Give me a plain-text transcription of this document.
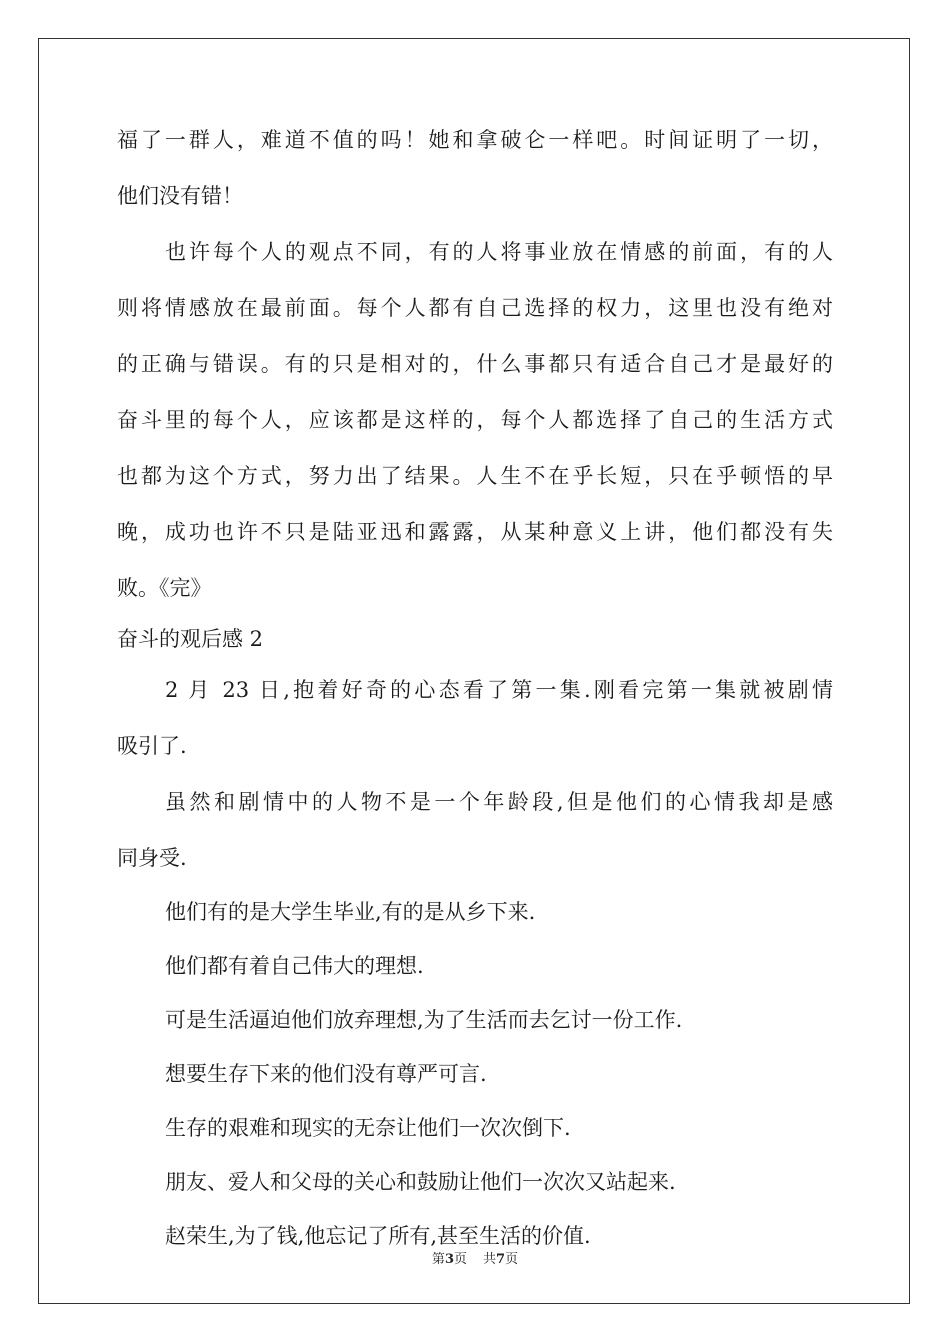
福了一群人，难道不值的吗！她和拿破仑一样吧。时间证明了一切，
他们没有错！
也许每个人的观点不同，有的人将事业放在情感的前面，有的人
则将情感放在最前面。每个人都有自己选择的权力，这里也没有绝对
的正确与错误。有的只是相对的，什么事都只有适合自己才是最好的
奋斗里的每个人，应该都是这样的，每个人都选择了自己的生活方式
也都为这个方式，努力出了结果。人生不在乎长短，只在乎顿悟的早
晚，成功也许不只是陆亚迅和露露，从某种意义上讲，他们都没有失
败。《完》
奋斗的观后感 2
2 月 23 日,抱着好奇的心态看了第一集.刚看完第一集就被剧情
吸引了.
虽然和剧情中的人物不是一个年龄段,但是他们的心情我却是感
同身受.
他们有的是大学生毕业,有的是从乡下来.
他们都有着自己伟大的理想.
可是生活逼迫他们放弃理想,为了生活而去乞讨一份工作.
想要生存下来的他们没有尊严可言.
生存的艰难和现实的无奈让他们一次次倒下.
朋友、爱人和父母的关心和鼓励让他们一次次又站起来.
赵荣生,为了钱,他忘记了所有,甚至生活的价值.
第3页 共7页
